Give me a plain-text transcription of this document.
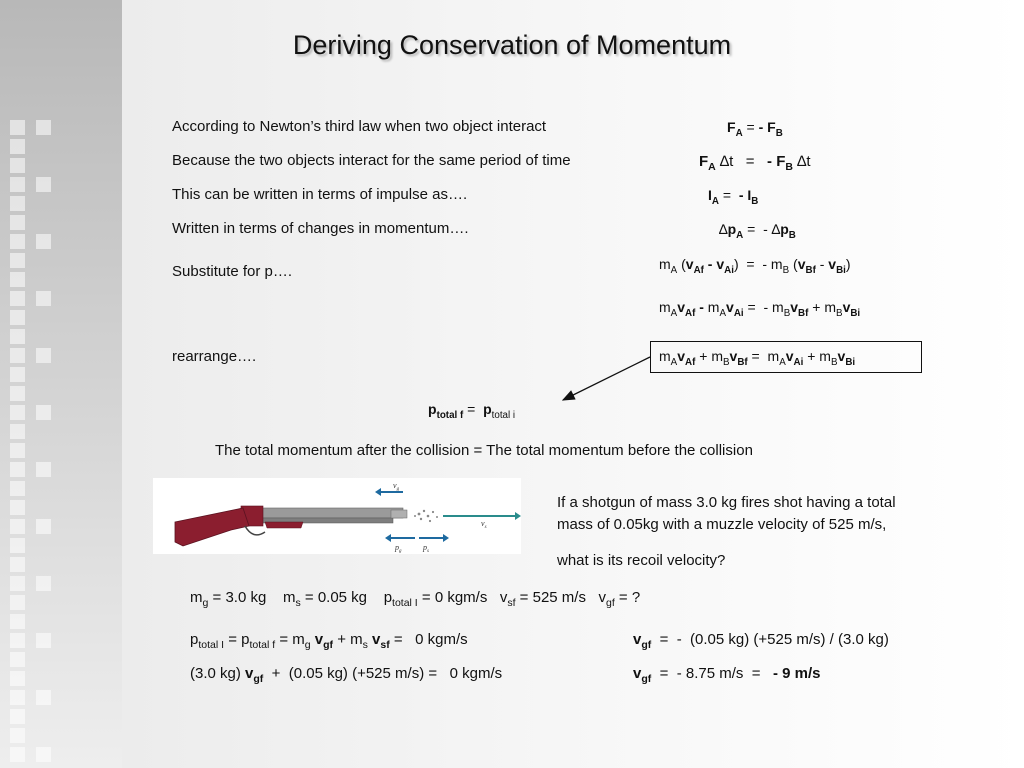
Deriving Conservation of Momentum
According to Newton’s third law when two object interact
Because the two objects interact for the same period of time
This can be written in terms of impulse as….
Written in terms of changes in momentum….
Substitute for p….
rearrange….
$F_A$ = - $F_B$
$F_A$ ∆t   =   - $F_B$ ∆t
$I_A$ =  - $I_B$
$\Delta p_A$ =  - $\Delta p_B$
$m_A$ $(v_{Af} - v_{Ai})$  =  - $m_B$ $(v_{Bf} - v_{Bi})$
$m_Av_{Af} - m_Av_{Ai}$ =  - $m_Bv_{Bf} + m_Bv_{Bi}$
$m_Av_{Af} + m_Bv_{Bf} = m_Av_{Ai} + m_Bv_{Bi}$
$p_{total f} = p_{total i}$
The total momentum after the collision = The total momentum before the collision
$v_g$
$v_s$
$p_g$	$p_s$
If a shotgun of mass 3.0 kg fires shot having a total
mass of 0.05kg with a muzzle velocity of 525 m/s,
what is its recoil velocity?
$m_g = 3.0$ kg    $m_s = 0.05$ kg    $p_{total I} = 0$ kgm/s   $v_{sf} = 525$ m/s   $v_{gf}$ = ?
$p_{total I} = p_{total f} = m_g$ $v_{gf} + m_s$ $v_{sf} = 0$ kgm/s
(3.0 kg) $v_{gf} + (0.05$ kg) (+525 m/s) =   0 kgm/s
$v_{gf}$  =  -  (0.05 kg) (+525 m/s) / (3.0 kg)
$v_{gf}$  =  - 8.75 m/s  =   - 9 m/s
